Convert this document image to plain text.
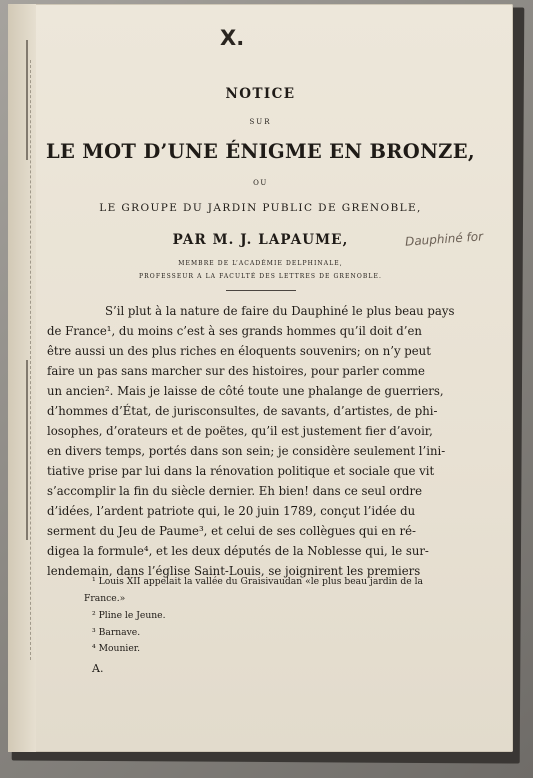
X.
NOTICE
SUR
LE MOT D’UNE ÉNIGME EN BRONZE,
OU
LE GROUPE DU JARDIN PUBLIC DE GRENOBLE,
PAR M. J. LAPAUME,
MEMBRE DE L’ACADÉMIE DELPHINALE,
PROFESSEUR A LA FACULTÉ DES LETTRES DE GRENOBLE.
Dauphiné for
S’il plut à la nature de faire du Dauphiné le plus beau pays
de France¹, du moins c’est à ses grands hommes qu’il doit d’en
être aussi un des plus riches en éloquents souvenirs; on n’y peut
faire un pas sans marcher sur des histoires, pour parler comme
un ancien². Mais je laisse de côté toute une phalange de guerriers,
d’hommes d’État, de jurisconsultes, de savants, d’artistes, de phi-
losophes, d’orateurs et de poëtes, qu’il est justement fier d’avoir,
en divers temps, portés dans son sein; je considère seulement l’ini-
tiative prise par lui dans la rénovation politique et sociale que vit
s’accomplir la fin du siècle dernier. Eh bien! dans ce seul ordre
d’idées, l’ardent patriote qui, le 20 juin 1789, conçut l’idée du
serment du Jeu de Paume³, et celui de ses collègues qui en ré-
digea la formule⁴, et les deux députés de la Noblesse qui, le sur-
lendemain, dans l’église Saint-Louis, se joignirent les premiers
¹ Louis XII appelait la vallée du Graisivaudan «le plus beau jardin de la
France.»
² Pline le Jeune.
³ Barnave.
⁴ Mounier.
A.
